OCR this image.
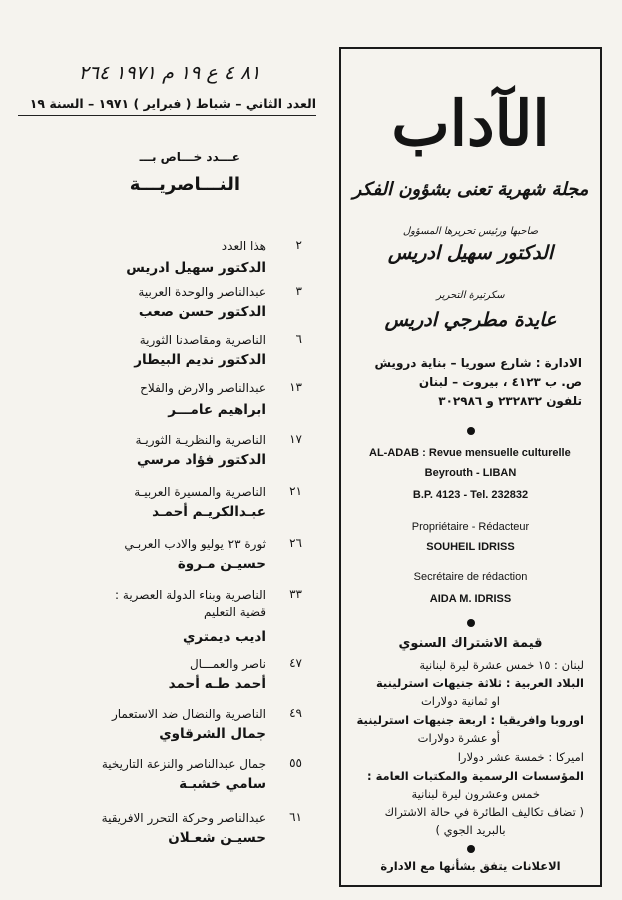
٨١ ٤ ع ١٩ م ١٩٧١ ٢٦٤
العدد الثاني – شباط ( فبراير ) ١٩٧١ – السنة ١٩
عـــدد خـــاص بـــ
النـــاصريـــة
٢
هذا العدد
الدكتور سهيل ادريس
٣
عبدالناصر والوحدة العربية
الدكتور حسن صعب
٦
الناصرية ومقاصدنا الثورية
الدكتور نديم البيطار
١٣
عبدالناصر والارض والفلاح
ابراهيم عامـــر
١٧
الناصرية والنظريـة الثوريـة
الدكتور فؤاد مرسي
٢١
الناصرية والمسيرة العربيـة
عبـدالكريـم أحمـد
٢٦
ثورة ٢٣ يوليو والادب العربـي
حسيـن مـروة
٣٣
الناصرية وبناء الدولة العصرية :
قضية التعليم
اديب ديمتري
٤٧
ناصر والعمـــال
أحمد طـه أحمد
٤٩
الناصرية والنضال ضد الاستعمار
جمال الشرقاوي
٥٥
جمال عبدالناصر والنزعة التاريخية
سامي خشبـة
٦١
عبدالناصر وحركة التحرر الافريقية
حسيـن شعـلان
الآداب
مجلة شهرية تعنى بشؤون الفكر
صاحبها ورئيس تحريرها المسؤول
الدكتور سهيل ادريس
سكرتيرة التحرير
عايدة مطرجي ادريس
الادارة : شارع سوريا – بناية درويش
ص. ب ٤١٢٣ ، بيروت – لبنان
تلفون ٢٣٢٨٣٢ و ٣٠٢٩٨٦
AL-ADAB : Revue mensuelle culturelle
Beyrouth - LIBAN
B.P. 4123 - Tel. 232832
Propriétaire - Rédacteur
SOUHEIL IDRISS
Secrétaire de rédaction
AIDA M. IDRISS
قيمة الاشتراك السنوي
لبنان : ١٥ خمس عشرة ليرة لبنانية
البلاد العربية : ثلاثة جنيهات استرلينية
او ثمانية دولارات
اوروبا وافريقيا : اربعة جنيهات استرلينية
أو عشرة دولارات
اميركا : خمسة عشر دولارا
المؤسسات الرسمية والمكتبات العامة :
خمس وعشرون ليرة لبنانية
( تضاف تكاليف الطائرة في حالة الاشتراك
بالبريد الجوي )
الاعلانات يتفق بشأنها مع الادارة
